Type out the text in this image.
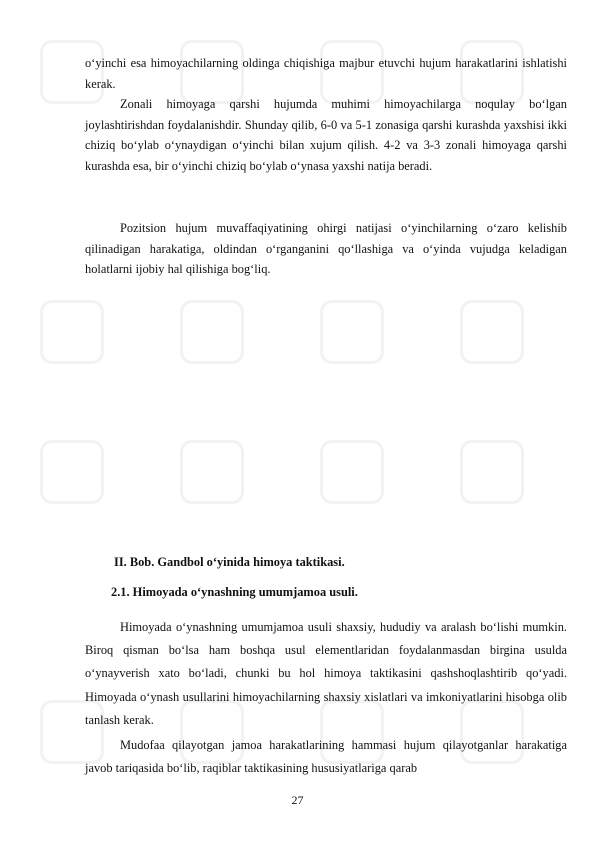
o‘yinchi esa himoyachilarning oldinga chiqishiga majbur etuvchi hujum harakatlarini ishlatishi kerak.

Zonali himoyaga qarshi hujumda muhimi himoyachilarga noqulay bo‘lgan joylashtirishdan foydalanishdir. Shunday qilib, 6-0 va 5-1 zonasiga qarshi kurashda yaxshisi ikki chiziq bo‘ylab o‘ynaydigan o‘yinchi bilan xujum qilish. 4-2 va 3-3 zonali himoyaga qarshi kurashda esa, bir o‘yinchi chiziq bo‘ylab o‘ynasa yaxshi natija beradi.

Pozitsion hujum muvaffaqiyatining ohirgi natijasi o‘yinchilarning o‘zaro kelishib qilinadigan harakatiga, oldindan o‘rganganini qo‘llashiga va o‘yinda vujudga keladigan holatlarni ijobiy hal qilishiga bog‘liq.

II. Bob. Gandbol o‘yinida himoya taktikasi.

2.1. Himoyada o‘ynashning umumjamoa usuli.

Himoyada o‘ynashning umumjamoa usuli shaxsiy, hududiy va aralash bo‘lishi mumkin. Biroq qisman bo‘lsa ham boshqa usul elementlaridan foydalanmasdan birgina usulda o‘ynayverish xato bo‘ladi, chunki bu hol himoya taktikasini qashshoqlashtirib qo‘yadi. Himoyada o‘ynash usullarini himoyachilarning shaxsiy xislatlari va imkoniyatlarini hisobga olib tanlash kerak.

Mudofaa qilayotgan jamoa harakatlarining hammasi hujum qilayotganlar harakatiga javob tariqasida bo‘lib, raqiblar taktikasining hususiyatlariga qarab

27
